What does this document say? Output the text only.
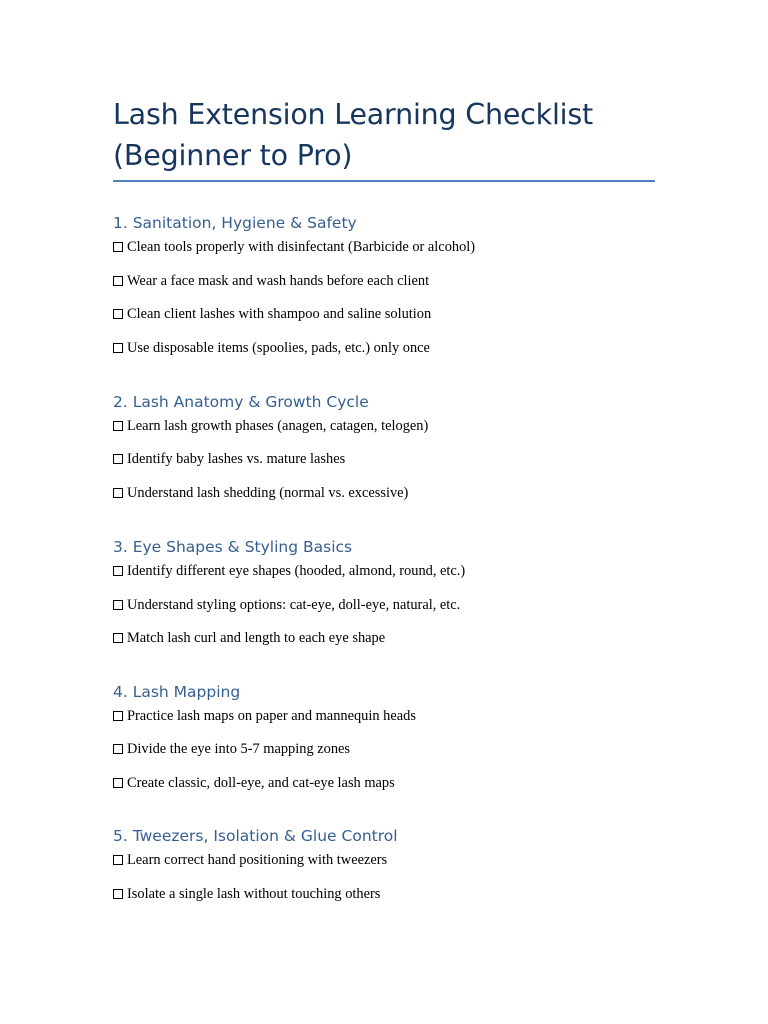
Lash Extension Learning Checklist (Beginner to Pro)
1. Sanitation, Hygiene & Safety

Clean tools properly with disinfectant (Barbicide or alcohol)

Wear a face mask and wash hands before each client

Clean client lashes with shampoo and saline solution

Use disposable items (spoolies, pads, etc.) only once

2. Lash Anatomy & Growth Cycle

Learn lash growth phases (anagen, catagen, telogen)

Identify baby lashes vs. mature lashes

Understand lash shedding (normal vs. excessive)

3. Eye Shapes & Styling Basics

Identify different eye shapes (hooded, almond, round, etc.)

Understand styling options: cat-eye, doll-eye, natural, etc.

Match lash curl and length to each eye shape

4. Lash Mapping

Practice lash maps on paper and mannequin heads

Divide the eye into 5-7 mapping zones

Create classic, doll-eye, and cat-eye lash maps

5. Tweezers, Isolation & Glue Control

Learn correct hand positioning with tweezers

Isolate a single lash without touching others
